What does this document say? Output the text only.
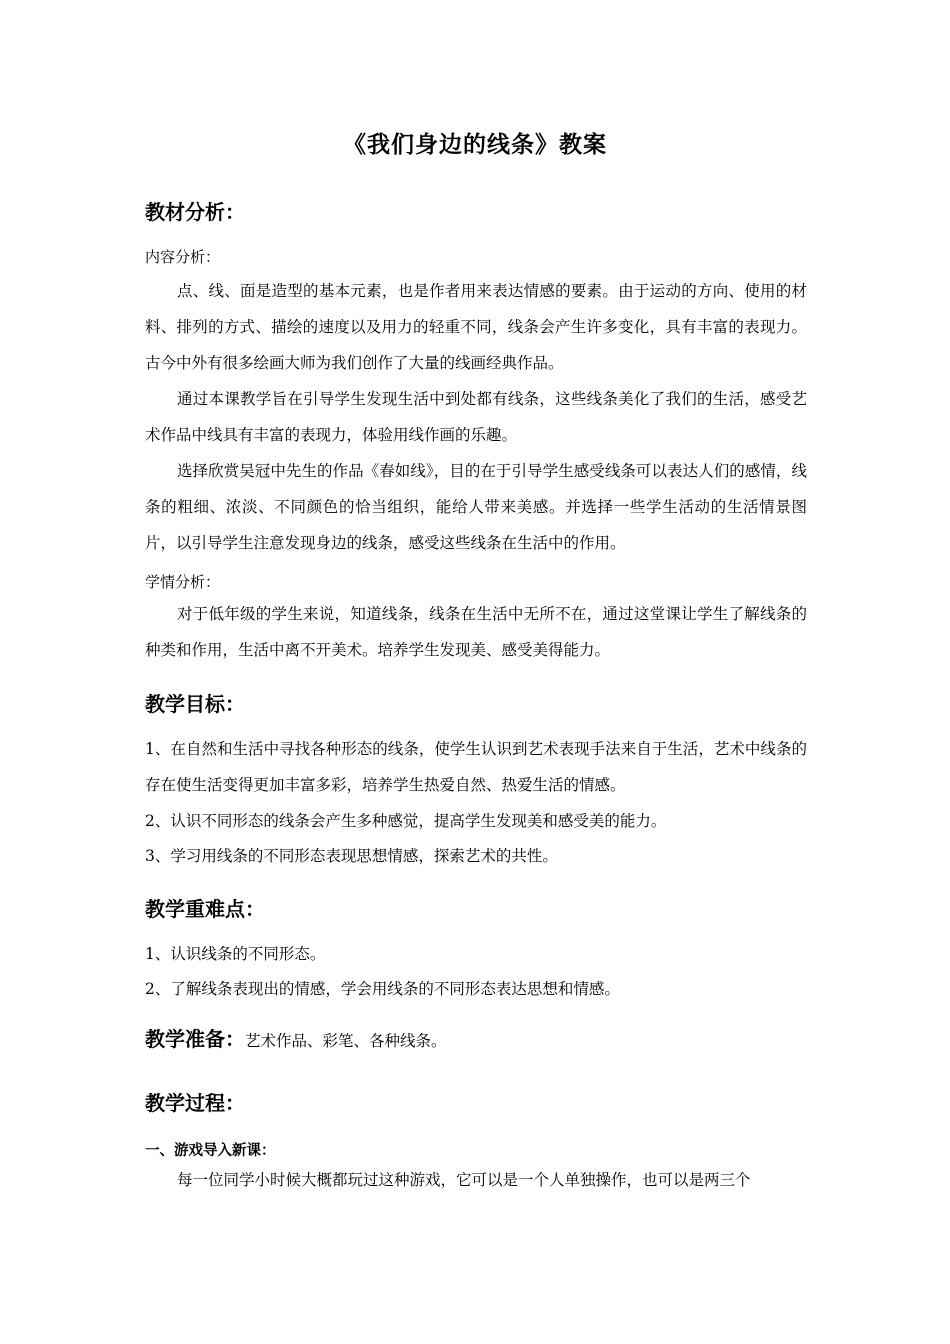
《我们身边的线条》教案
教材分析：
内容分析：
点、线、面是造型的基本元素，也是作者用来表达情感的要素。由于运动的方向、使用的材料、排列的方式、描绘的速度以及用力的轻重不同，线条会产生许多变化，具有丰富的表现力。古今中外有很多绘画大师为我们创作了大量的线画经典作品。
通过本课教学旨在引导学生发现生活中到处都有线条，这些线条美化了我们的生活，感受艺术作品中线具有丰富的表现力，体验用线作画的乐趣。
选择欣赏吴冠中先生的作品《春如线》，目的在于引导学生感受线条可以表达人们的感情，线条的粗细、浓淡、不同颜色的恰当组织，能给人带来美感。并选择一些学生活动的生活情景图片，以引导学生注意发现身边的线条，感受这些线条在生活中的作用。
学情分析：
对于低年级的学生来说，知道线条，线条在生活中无所不在，通过这堂课让学生了解线条的种类和作用，生活中离不开美术。培养学生发现美、感受美得能力。
教学目标：
1、在自然和生活中寻找各种形态的线条，使学生认识到艺术表现手法来自于生活，艺术中线条的存在使生活变得更加丰富多彩，培养学生热爱自然、热爱生活的情感。
2、认识不同形态的线条会产生多种感觉，提高学生发现美和感受美的能力。
3、学习用线条的不同形态表现思想情感，探索艺术的共性。
教学重难点：
1、认识线条的不同形态。
2、了解线条表现出的情感，学会用线条的不同形态表达思想和情感。
教学准备：艺术作品、彩笔、各种线条。
教学过程：
一、游戏导入新课：
每一位同学小时候大概都玩过这种游戏，它可以是一个人单独操作，也可以是两三个
